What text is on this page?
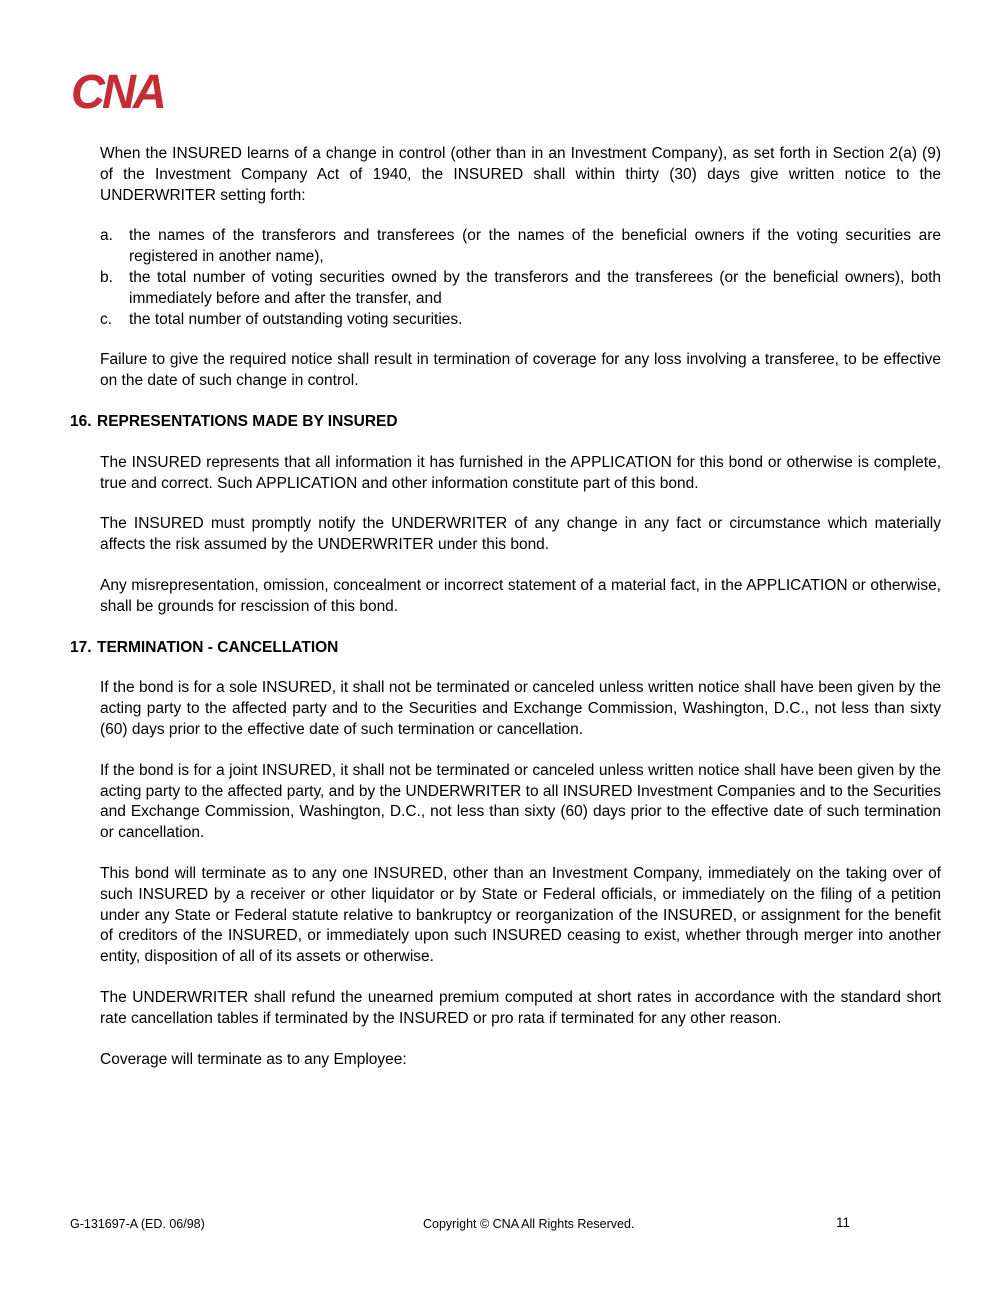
CNA

When the INSURED learns of a change in control (other than in an Investment Company), as set forth in Section 2(a) (9) of the Investment Company Act of 1940, the INSURED shall within thirty (30) days give written notice to the UNDERWRITER setting forth:

a.	the names of the transferors and transferees (or the names of the beneficial owners if the voting securities are registered in another name),
b.	the total number of voting securities owned by the transferors and the transferees (or the beneficial owners), both immediately before and after the transfer, and
c.	the total number of outstanding voting securities.

Failure to give the required notice shall result in termination of coverage for any loss involving a transferee, to be effective on the date of such change in control.

16. REPRESENTATIONS MADE BY INSURED

The INSURED represents that all information it has furnished in the APPLICATION for this bond or otherwise is complete, true and correct. Such APPLICATION and other information constitute part of this bond.

The INSURED must promptly notify the UNDERWRITER of any change in any fact or circumstance which materially affects the risk assumed by the UNDERWRITER under this bond.

Any misrepresentation, omission, concealment or incorrect statement of a material fact, in the APPLICATION or otherwise, shall be grounds for rescission of this bond.

17. TERMINATION - CANCELLATION

If the bond is for a sole INSURED, it shall not be terminated or canceled unless written notice shall have been given by the acting party to the affected party and to the Securities and Exchange Commission, Washington, D.C., not less than sixty (60) days prior to the effective date of such termination or cancellation.

If the bond is for a joint INSURED, it shall not be terminated or canceled unless written notice shall have been given by the acting party to the affected party, and by the UNDERWRITER to all INSURED Investment Companies and to the Securities and Exchange Commission, Washington, D.C., not less than sixty (60) days prior to the effective date of such termination or cancellation.

This bond will terminate as to any one INSURED, other than an Investment Company, immediately on the taking over of such INSURED by a receiver or other liquidator or by State or Federal officials, or immediately on the filing of a petition under any State or Federal statute relative to bankruptcy or reorganization of the INSURED, or assignment for the benefit of creditors of the INSURED, or immediately upon such INSURED ceasing to exist, whether through merger into another entity, disposition of all of its assets or otherwise.

The UNDERWRITER shall refund the unearned premium computed at short rates in accordance with the standard short rate cancellation tables if terminated by the INSURED or pro rata if terminated for any other reason.

Coverage will terminate as to any Employee:

G-131697-A (ED. 06/98)	Copyright © CNA All Rights Reserved.	11
